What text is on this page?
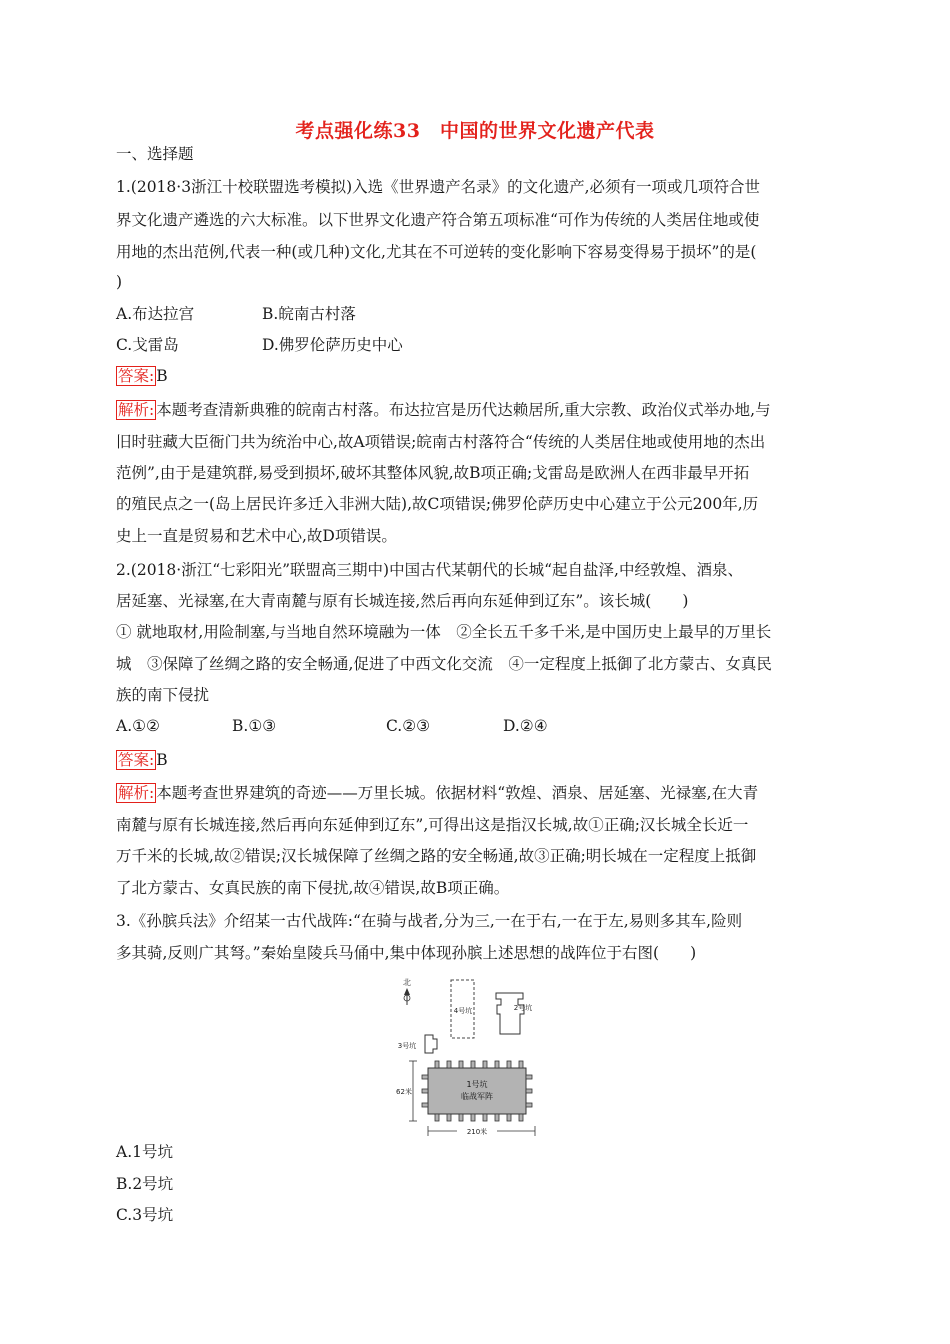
考点强化练33　中国的世界文化遗产代表
一、选择题
1.(2018·3浙江十校联盟选考模拟)入选《世界遗产名录》的文化遗产,必须有一项或几项符合世
界文化遗产遴选的六大标准。以下世界文化遗产符合第五项标准“可作为传统的人类居住地或使
用地的杰出范例,代表一种(或几种)文化,尤其在不可逆转的变化影响下容易变得易于损坏”的是(
)
A.布达拉宫	B.皖南古村落
C.戈雷岛	D.佛罗伦萨历史中心
答案: B
解析: 本题考查清新典雅的皖南古村落。布达拉宫是历代达赖居所,重大宗教、政治仪式举办地,与
旧时驻藏大臣衙门共为统治中心,故A项错误;皖南古村落符合“传统的人类居住地或使用地的杰出
范例”,由于是建筑群,易受到损坏,破坏其整体风貌,故B项正确;戈雷岛是欧洲人在西非最早开拓
的殖民点之一(岛上居民许多迁入非洲大陆),故C项错误;佛罗伦萨历史中心建立于公元200年,历
史上一直是贸易和艺术中心,故D项错误。
2.(2018·浙江“七彩阳光”联盟高三期中)中国古代某朝代的长城“起自盐泽,中经敦煌、酒泉、
居延塞、光禄塞,在大青南麓与原有长城连接,然后再向东延伸到辽东”。该长城(　　)
① 就地取材,用险制塞,与当地自然环境融为一体　②全长五千多千米,是中国历史上最早的万里长
城　③保障了丝绸之路的安全畅通,促进了中西文化交流　④一定程度上抵御了北方蒙古、女真民
族的南下侵扰
A.①②	B.①③	C.②③	D.②④
答案: B
解析: 本题考查世界建筑的奇迹——万里长城。依据材料“敦煌、酒泉、居延塞、光禄塞,在大青
南麓与原有长城连接,然后再向东延伸到辽东”,可得出这是指汉长城,故①正确;汉长城全长近一
万千米的长城,故②错误;汉长城保障了丝绸之路的安全畅通,故③正确;明长城在一定程度上抵御
了北方蒙古、女真民族的南下侵扰,故④错误,故B项正确。
3.《孙膑兵法》介绍某一古代战阵:“在骑与战者,分为三,一在于右,一在于左,易则多其车,险则
多其骑,反则广其弩。”秦始皇陵兵马俑中,集中体现孙膑上述思想的战阵位于右图(　　)
北
4号坑	2号坑
3号坑
1号坑
临战军阵
62米
210米
A.1号坑
B.2号坑
C.3号坑
